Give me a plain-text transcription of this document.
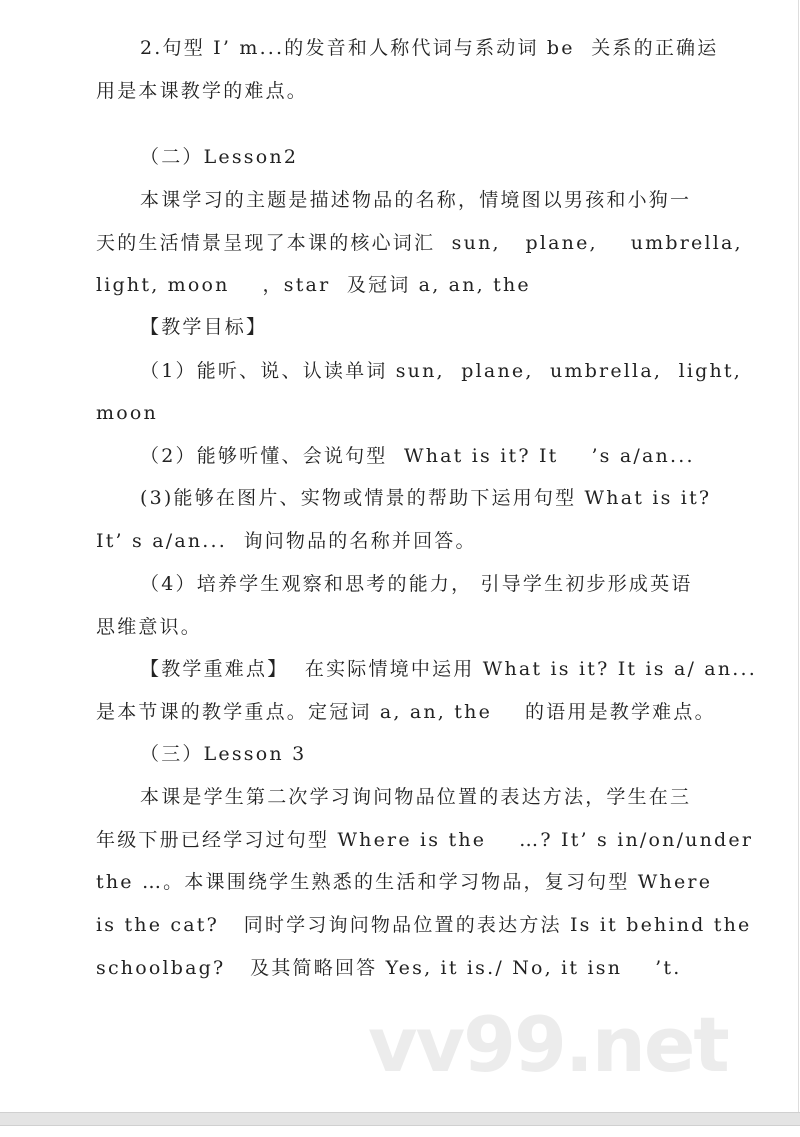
2.句型 I’ m...的发音和人称代词与系动词 be  关系的正确运
用是本课教学的难点。
（二）Lesson2
本课学习的主题是描述物品的名称，情境图以男孩和小狗一
天的生活情景呈现了本课的核心词汇  sun,   plane,    umbrella,
light, moon    ，star  及冠词 a, an, the
【教学目标】
（1）能听、说、认读单词 sun,  plane,  umbrella,  light,
moon
（2）能够听懂、会说句型  What is it? It    ’s a/an...
(3)能够在图片、实物或情景的帮助下运用句型 What is it?
It’ s a/an...  询问物品的名称并回答。
（4）培养学生观察和思考的能力， 引导学生初步形成英语
思维意识。
【教学重难点】  在实际情境中运用 What is it? It is a/ an...
是本节课的教学重点。定冠词 a, an, the    的语用是教学难点。
（三）Lesson 3
本课是学生第二次学习询问物品位置的表达方法，学生在三
年级下册已经学习过句型 Where is the    …? It’ s in/on/under
the …。本课围绕学生熟悉的生活和学习物品，复习句型 Where
is the cat?   同时学习询问物品位置的表达方法 Is it behind the
schoolbag?   及其简略回答 Yes, it is./ No, it isn    ’t.
vv99.net
